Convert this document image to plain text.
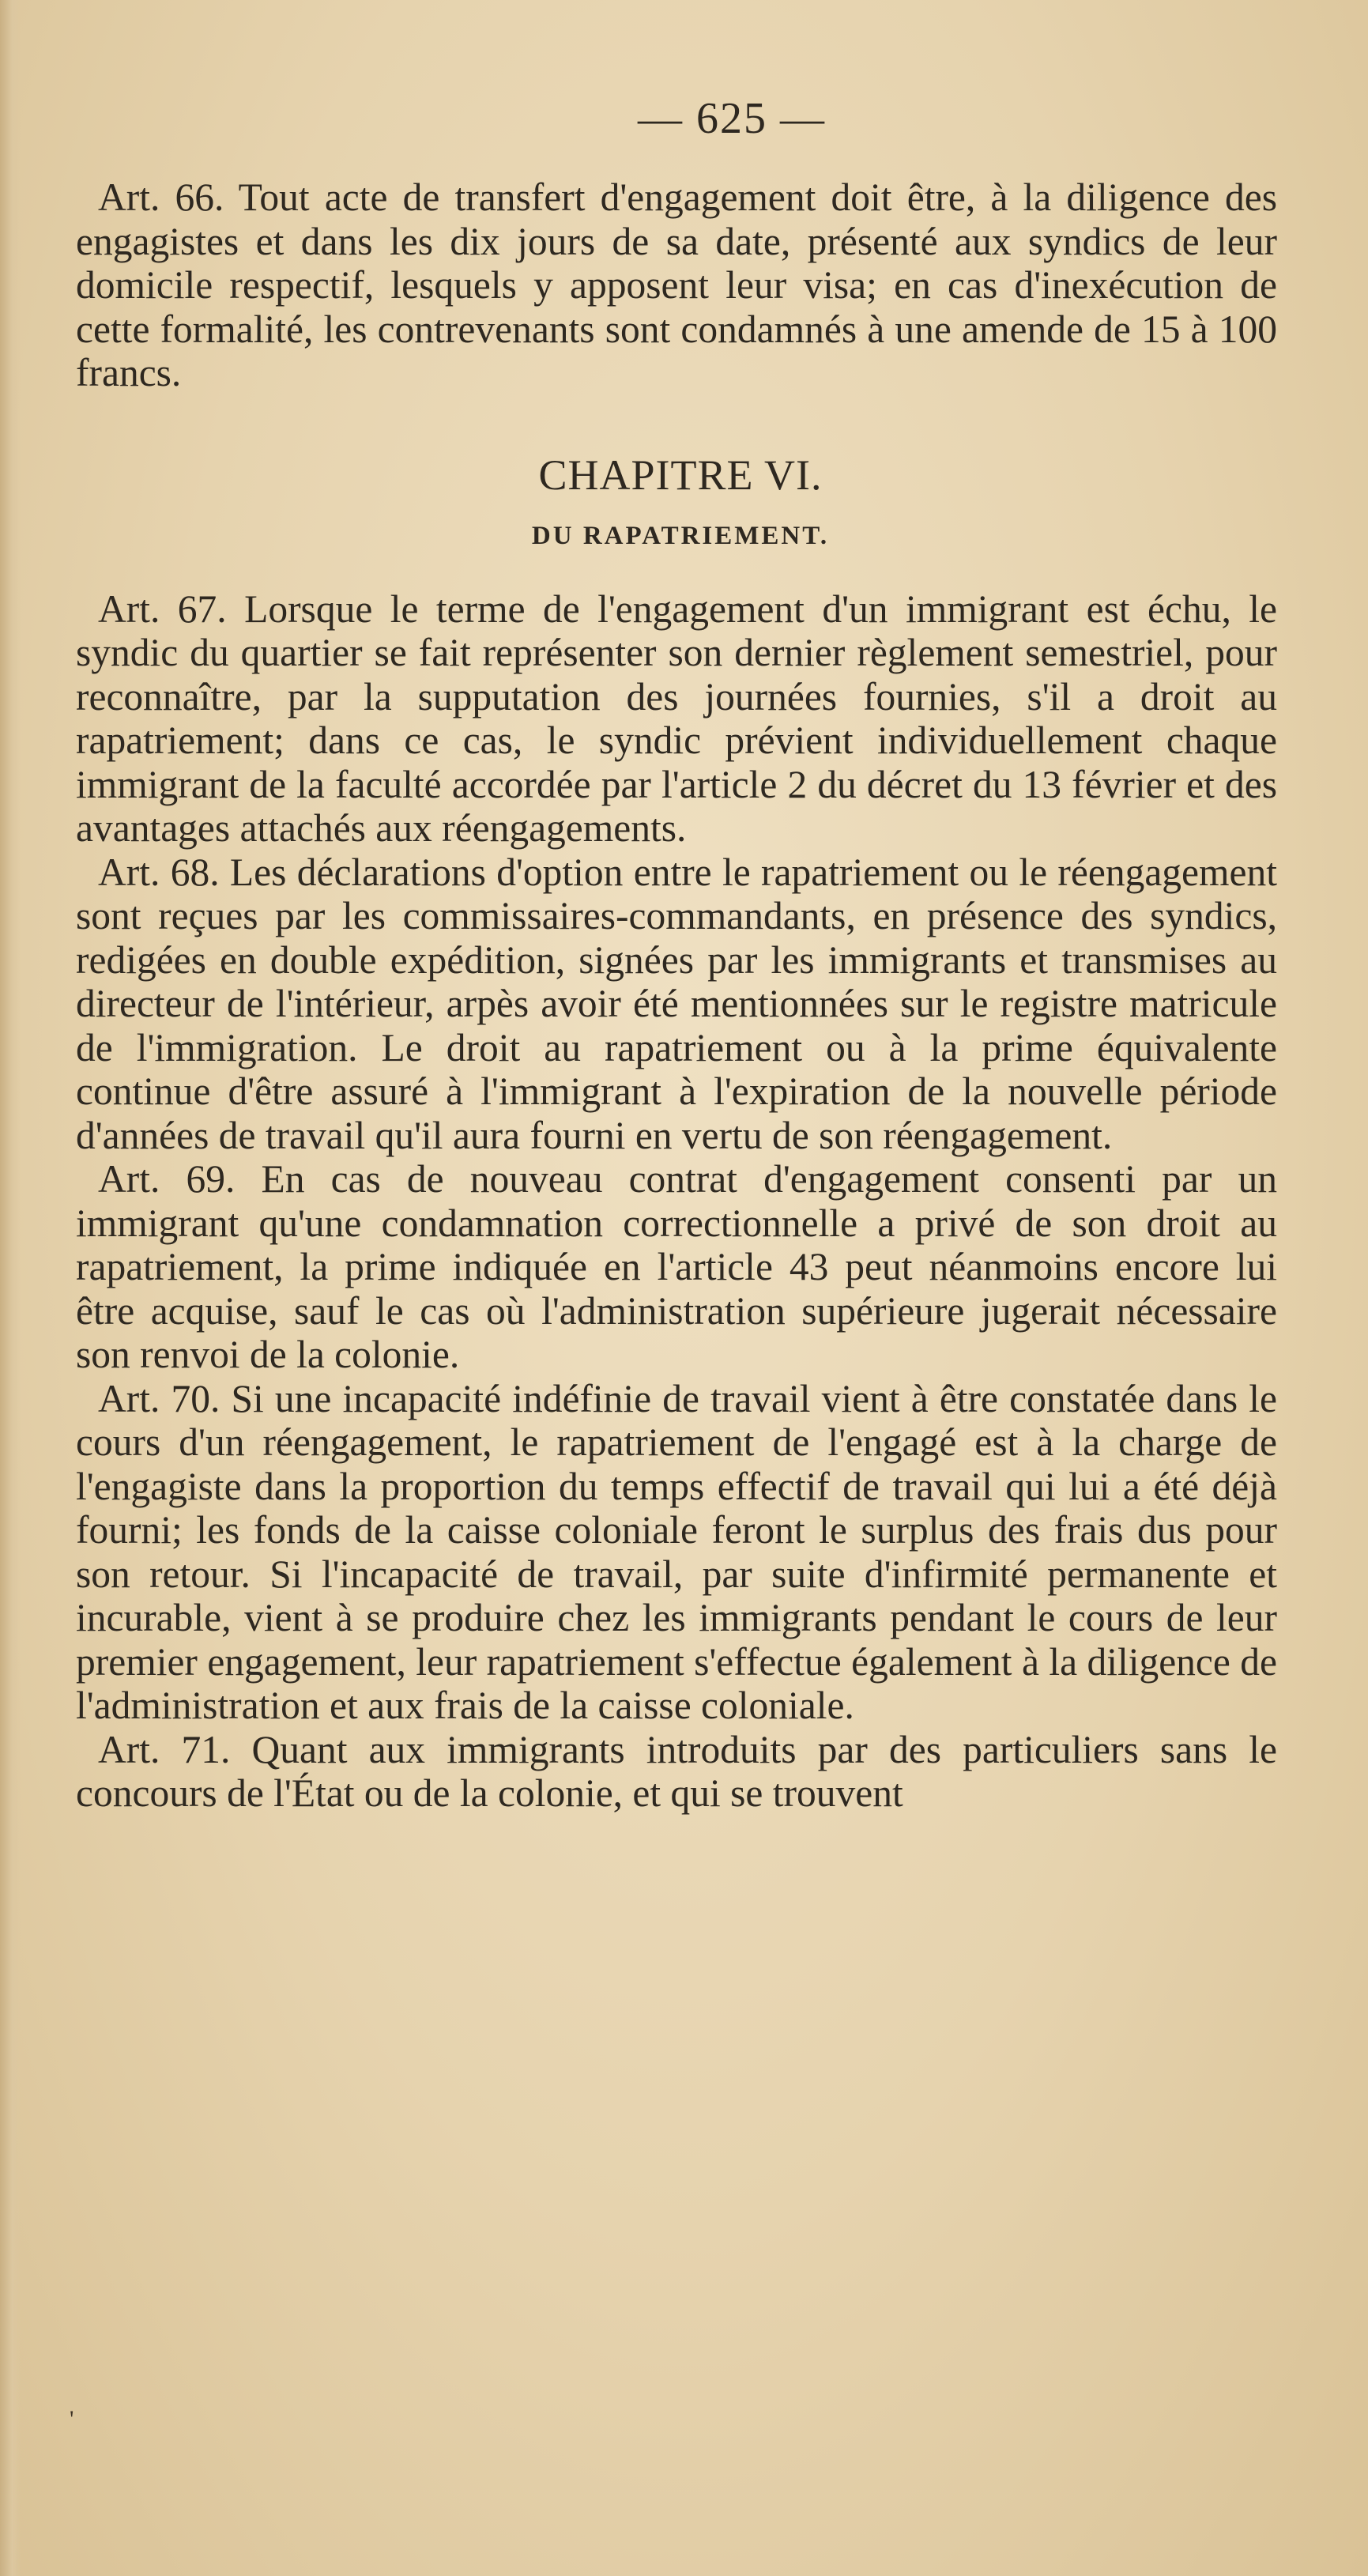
— 625 —

Art. 66. Tout acte de transfert d'engagement doit être, à la diligence des engagistes et dans les dix jours de sa date, présenté aux syndics de leur domicile respectif, lesquels y apposent leur visa; en cas d'inexécution de cette formalité, les contrevenants sont condamnés à une amende de 15 à 100 francs.

CHAPITRE VI.
DU RAPATRIEMENT.

Art. 67. Lorsque le terme de l'engagement d'un immigrant est échu, le syndic du quartier se fait représenter son dernier règlement semestriel, pour reconnaître, par la supputation des journées fournies, s'il a droit au rapatriement; dans ce cas, le syndic prévient individuellement chaque immigrant de la faculté accordée par l'article 2 du décret du 13 février et des avantages attachés aux réengagements.

Art. 68. Les déclarations d'option entre le rapatriement ou le réengagement sont reçues par les commissaires-commandants, en présence des syndics, redigées en double expédition, signées par les immigrants et transmises au directeur de l'intérieur, arpès avoir été mentionnées sur le registre matricule de l'immigration. Le droit au rapatriement ou à la prime équivalente continue d'être assuré à l'immigrant à l'expiration de la nouvelle période d'années de travail qu'il aura fourni en vertu de son réengagement.

Art. 69. En cas de nouveau contrat d'engagement consenti par un immigrant qu'une condamnation correctionnelle a privé de son droit au rapatriement, la prime indiquée en l'article 43 peut néanmoins encore lui être acquise, sauf le cas où l'administration supérieure jugerait nécessaire son renvoi de la colonie.

Art. 70. Si une incapacité indéfinie de travail vient à être constatée dans le cours d'un réengagement, le rapatriement de l'engagé est à la charge de l'engagiste dans la proportion du temps effectif de travail qui lui a été déjà fourni; les fonds de la caisse coloniale feront le surplus des frais dus pour son retour. Si l'incapacité de travail, par suite d'infirmité permanente et incurable, vient à se produire chez les immigrants pendant le cours de leur premier engagement, leur rapatriement s'effectue également à la diligence de l'administration et aux frais de la caisse coloniale.

Art. 71. Quant aux immigrants introduits par des particuliers sans le concours de l'État ou de la colonie, et qui se trouvent

'
